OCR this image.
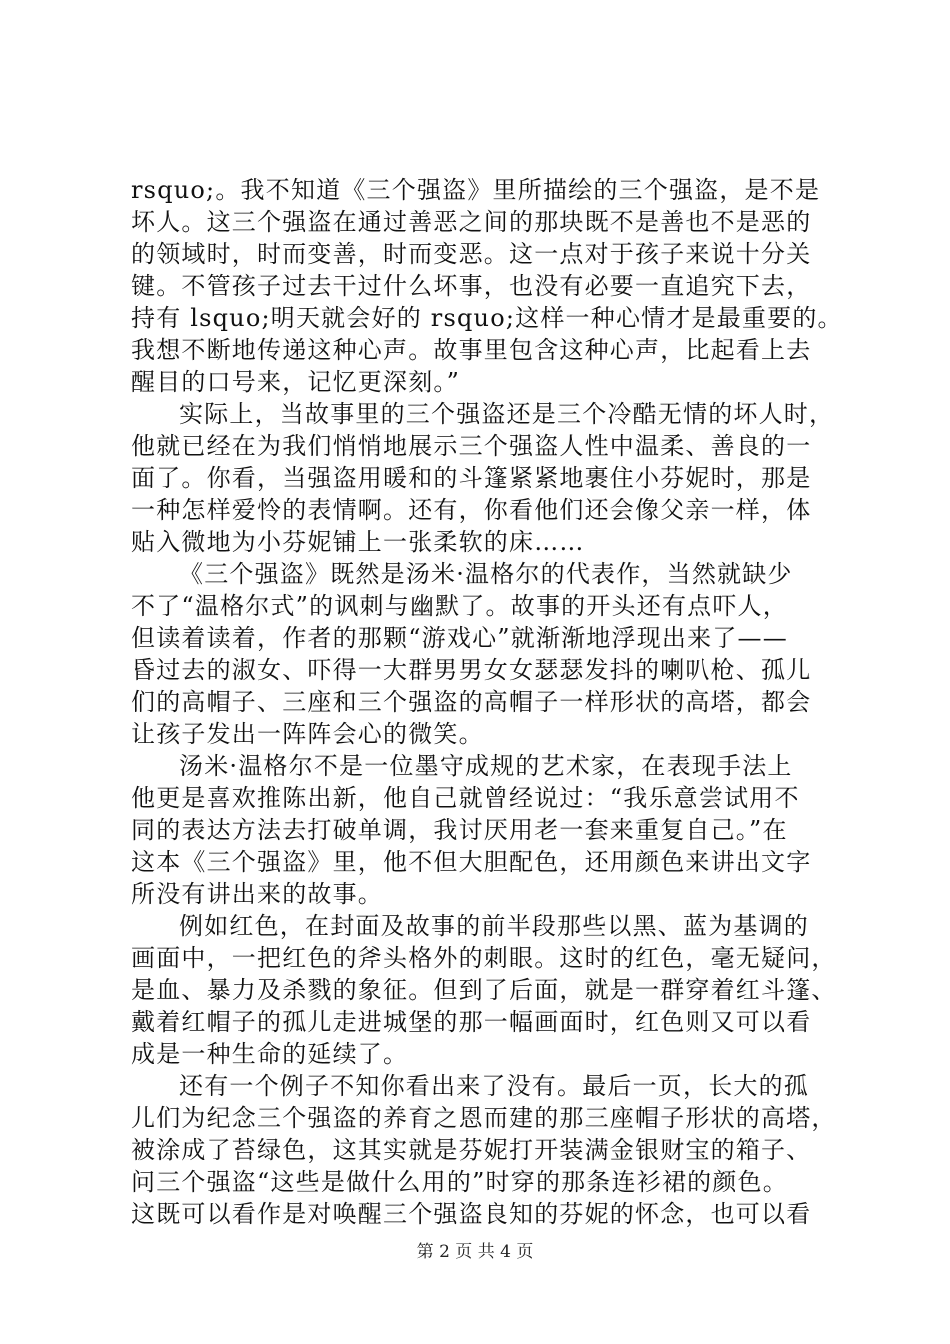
rsquo;。我不知道《三个强盗》里所描绘的三个强盗，是不是
坏人。这三个强盗在通过善恶之间的那块既不是善也不是恶的
的领域时，时而变善，时而变恶。这一点对于孩子来说十分关
键。不管孩子过去干过什么坏事，也没有必要一直追究下去，
持有 lsquo;明天就会好的 rsquo;这样一种心情才是最重要的。
我想不断地传递这种心声。故事里包含这种心声，比起看上去
醒目的口号来，记忆更深刻。”
实际上，当故事里的三个强盗还是三个冷酷无情的坏人时，
他就已经在为我们悄悄地展示三个强盗人性中温柔、善良的一
面了。你看，当强盗用暖和的斗篷紧紧地裹住小芬妮时，那是
一种怎样爱怜的表情啊。还有，你看他们还会像父亲一样，体
贴入微地为小芬妮铺上一张柔软的床……
《三个强盗》既然是汤米·温格尔的代表作，当然就缺少
不了“温格尔式”的讽刺与幽默了。故事的开头还有点吓人，
但读着读着，作者的那颗“游戏心”就渐渐地浮现出来了——
昏过去的淑女、吓得一大群男男女女瑟瑟发抖的喇叭枪、孤儿
们的高帽子、三座和三个强盗的高帽子一样形状的高塔，都会
让孩子发出一阵阵会心的微笑。
汤米·温格尔不是一位墨守成规的艺术家，在表现手法上
他更是喜欢推陈出新，他自己就曾经说过：“我乐意尝试用不
同的表达方法去打破单调，我讨厌用老一套来重复自己。”在
这本《三个强盗》里，他不但大胆配色，还用颜色来讲出文字
所没有讲出来的故事。
例如红色，在封面及故事的前半段那些以黑、蓝为基调的
画面中，一把红色的斧头格外的刺眼。这时的红色，毫无疑问，
是血、暴力及杀戮的象征。但到了后面，就是一群穿着红斗篷、
戴着红帽子的孤儿走进城堡的那一幅画面时，红色则又可以看
成是一种生命的延续了。
还有一个例子不知你看出来了没有。最后一页，长大的孤
儿们为纪念三个强盗的养育之恩而建的那三座帽子形状的高塔，
被涂成了苔绿色，这其实就是芬妮打开装满金银财宝的箱子、
问三个强盗“这些是做什么用的”时穿的那条连衫裙的颜色。
这既可以看作是对唤醒三个强盗良知的芬妮的怀念，也可以看
第 2 页 共 4 页
